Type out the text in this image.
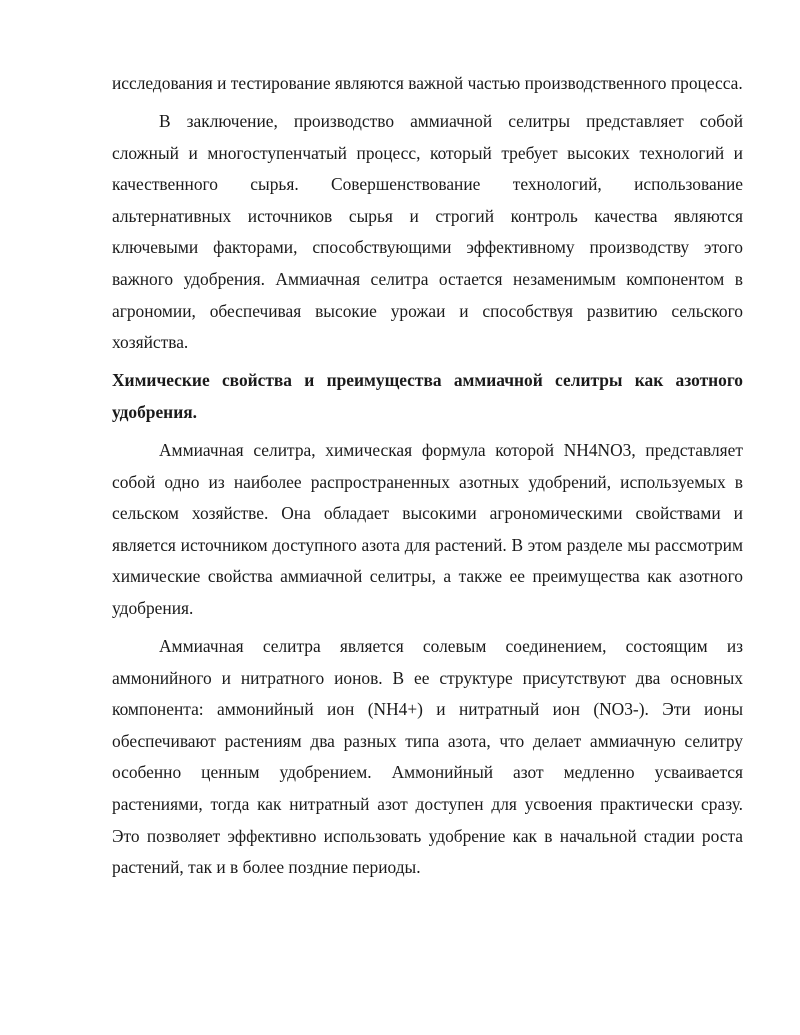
исследования и тестирование являются важной частью производственного процесса.

В заключение, производство аммиачной селитры представляет собой сложный и многоступенчатый процесс, который требует высоких технологий и качественного сырья. Совершенствование технологий, использование альтернативных источников сырья и строгий контроль качества являются ключевыми факторами, способствующими эффективному производству этого важного удобрения. Аммиачная селитра остается незаменимым компонентом в агрономии, обеспечивая высокие урожаи и способствуя развитию сельского хозяйства.

Химические свойства и преимущества аммиачной селитры как азотного удобрения.

Аммиачная селитра, химическая формула которой NH4NO3, представляет собой одно из наиболее распространенных азотных удобрений, используемых в сельском хозяйстве. Она обладает высокими агрономическими свойствами и является источником доступного азота для растений. В этом разделе мы рассмотрим химические свойства аммиачной селитры, а также ее преимущества как азотного удобрения.

Аммиачная селитра является солевым соединением, состоящим из аммонийного и нитратного ионов. В ее структуре присутствуют два основных компонента: аммонийный ион (NH4+) и нитратный ион (NO3-). Эти ионы обеспечивают растениям два разных типа азота, что делает аммиачную селитру особенно ценным удобрением. Аммонийный азот медленно усваивается растениями, тогда как нитратный азот доступен для усвоения практически сразу. Это позволяет эффективно использовать удобрение как в начальной стадии роста растений, так и в более поздние периоды.
